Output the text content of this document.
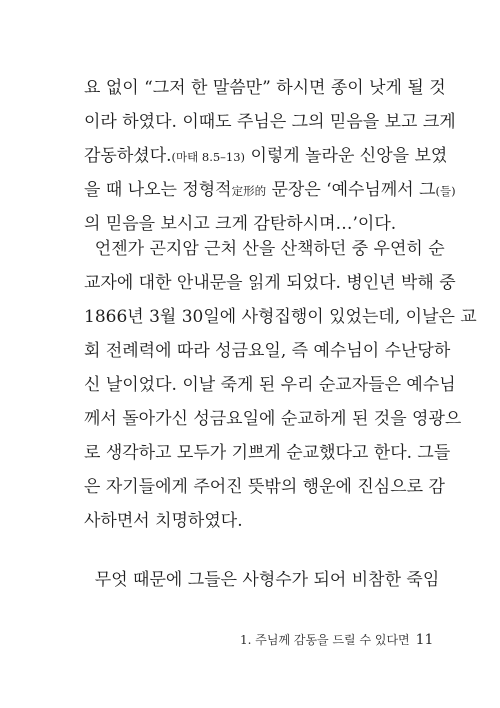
요 없이 “그저 한 말씀만” 하시면 종이 낫게 될 것
이라 하였다. 이때도 주님은 그의 믿음을 보고 크게
감동하셨다.(마태 8.5–13) 이렇게 놀라운 신앙을 보였
을 때 나오는 정형적定形的 문장은 ‘예수님께서 그(들)
의 믿음을 보시고 크게 감탄하시며…’이다.
언젠가 곤지암 근처 산을 산책하던 중 우연히 순
교자에 대한 안내문을 읽게 되었다. 병인년 박해 중
1866년 3월 30일에 사형집행이 있었는데, 이날은 교
회 전례력에 따라 성금요일, 즉 예수님이 수난당하
신 날이었다. 이날 죽게 된 우리 순교자들은 예수님
께서 돌아가신 성금요일에 순교하게 된 것을 영광으
로 생각하고 모두가 기쁘게 순교했다고 한다. 그들
은 자기들에게 주어진 뜻밖의 행운에 진심으로 감
사하면서 치명하였다.
무엇 때문에 그들은 사형수가 되어 비참한 죽임
1. 주님께 감동을 드릴 수 있다면 11
